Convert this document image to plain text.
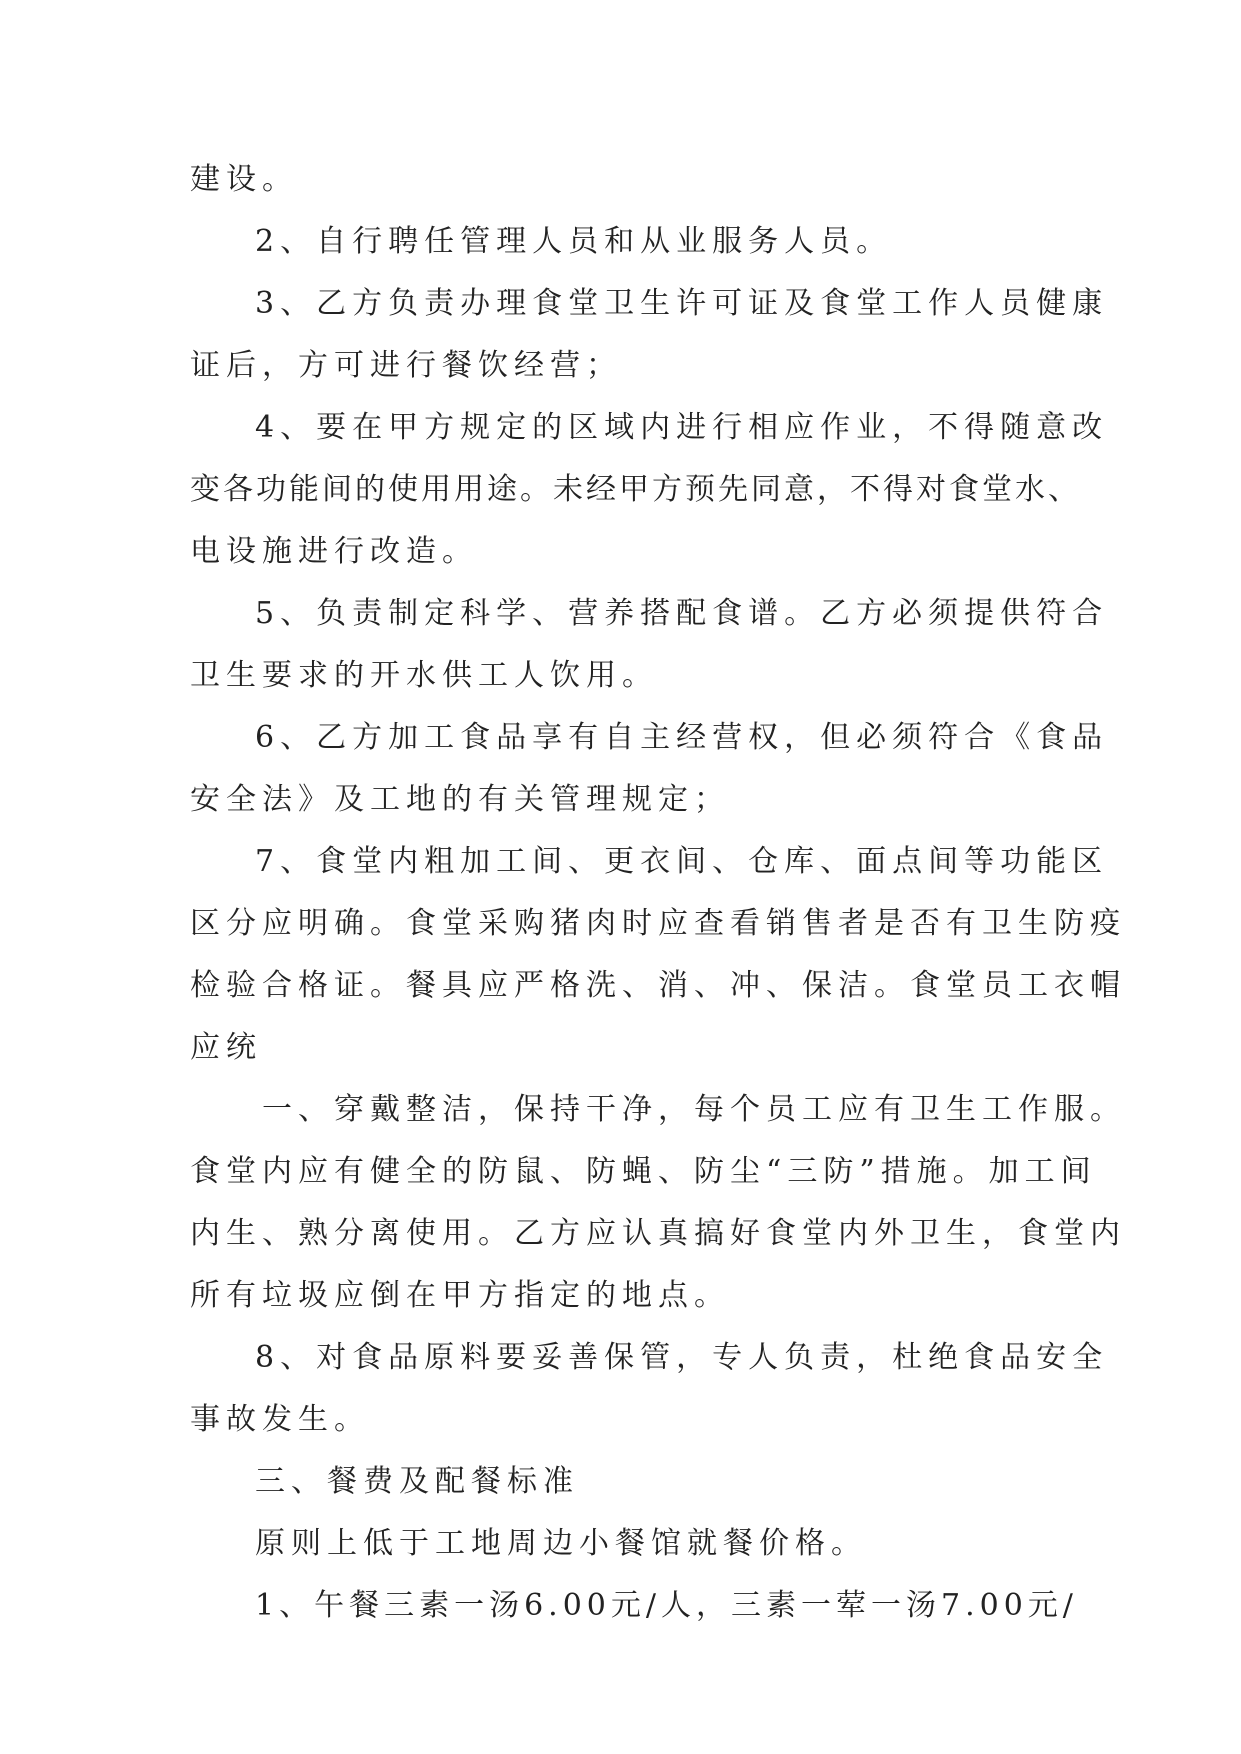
建设。
2、自行聘任管理人员和从业服务人员。
3、乙方负责办理食堂卫生许可证及食堂工作人员健康
证后，方可进行餐饮经营；
4、要在甲方规定的区域内进行相应作业，不得随意改
变各功能间的使用用途。未经甲方预先同意，不得对食堂水、
电设施进行改造。
5、负责制定科学、营养搭配食谱。乙方必须提供符合
卫生要求的开水供工人饮用。
6、乙方加工食品享有自主经营权，但必须符合《食品
安全法》及工地的有关管理规定；
7、食堂内粗加工间、更衣间、仓库、面点间等功能区
区分应明确。食堂采购猪肉时应查看销售者是否有卫生防疫
检验合格证。餐具应严格洗、消、冲、保洁。食堂员工衣帽
应统
一、穿戴整洁，保持干净，每个员工应有卫生工作服。
食堂内应有健全的防鼠、防蝇、防尘“三防”措施。加工间
内生、熟分离使用。乙方应认真搞好食堂内外卫生，食堂内
所有垃圾应倒在甲方指定的地点。
8、对食品原料要妥善保管，专人负责，杜绝食品安全
事故发生。
三、餐费及配餐标准
原则上低于工地周边小餐馆就餐价格。
1、午餐三素一汤6.00元/人，三素一荤一汤7.00元/
